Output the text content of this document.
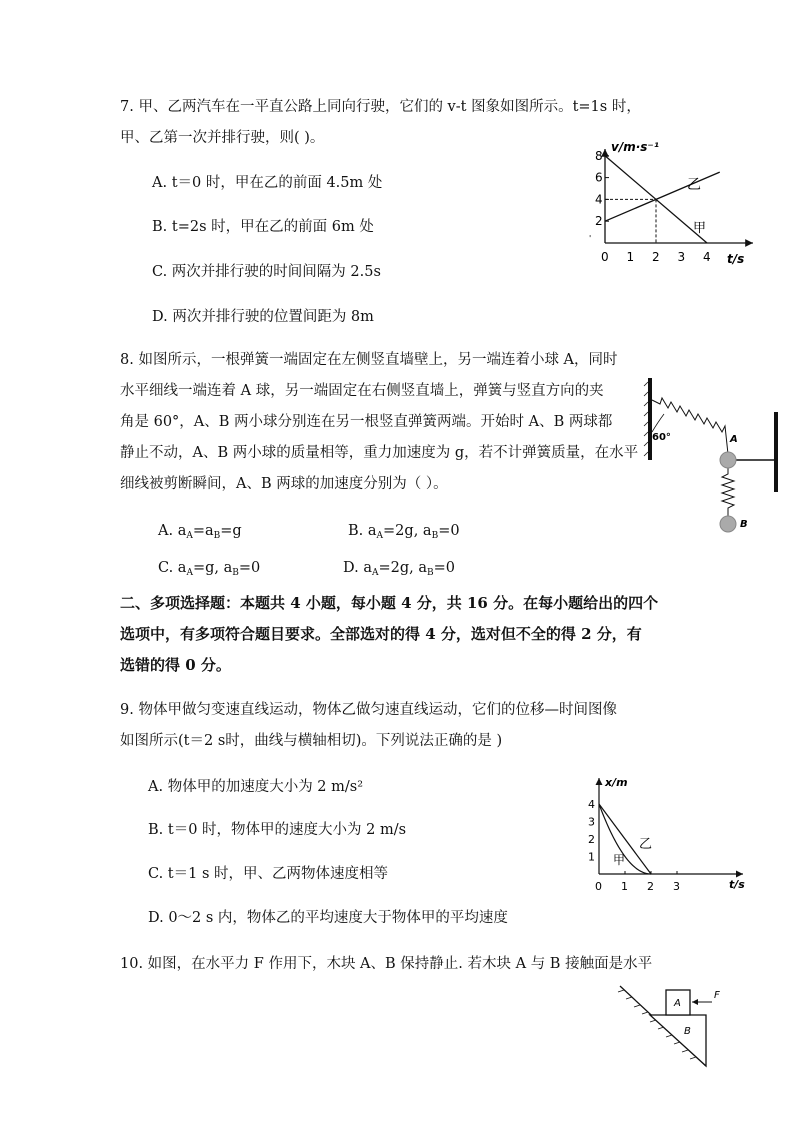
7. 甲、乙两汽车在一平直公路上同向行驶，它们的 v-t 图象如图所示。t=1s 时，
甲、乙第一次并排行驶，则( )。
A. t＝0 时，甲在乙的前面 4.5m 处
B. t=2s 时，甲在乙的前面 6m 处
C. 两次并排行驶的时间间隔为 2.5s
D. 两次并排行驶的位置间距为 8m
v/m·s⁻¹
t/s
2
4
6
8
0 1 2 3 4
乙
甲
'
8. 如图所示，一根弹簧一端固定在左侧竖直墙壁上，另一端连着小球 A，同时
水平细线一端连着 A 球，另一端固定在右侧竖直墙上，弹簧与竖直方向的夹
角是 60°，A、B 两小球分别连在另一根竖直弹簧两端。开始时 A、B 两球都
静止不动，A、B 两小球的质量相等，重力加速度为 g，若不计弹簧质量，在水平
细线被剪断瞬间，A、B 两球的加速度分别为（ ）。
A. $a_A=a_B=g$	B. $a_A=2g$, $a_B=0$
C. $a_A=g$, $a_B=0$	D. $a_A=2g$, $a_B=0$
60°	A
B
二、多项选择题：本题共 4 小题，每小题 4 分，共 16 分。在每小题给出的四个
选项中，有多项符合题目要求。全部选对的得 4 分，选对但不全的得 2 分，有
选错的得 0 分。
9. 物体甲做匀变速直线运动，物体乙做匀速直线运动，它们的位移—时间图像
如图所示(t＝2 s时，曲线与横轴相切)。下列说法正确的是 )
A. 物体甲的加速度大小为 2 m/s²
B. t＝0 时，物体甲的速度大小为 2 m/s
C. t＝1 s 时，甲、乙两物体速度相等
D. 0～2 s 内，物体乙的平均速度大于物体甲的平均速度
x/m
t/s
1
2
3
4
0 1 2 3
乙
甲
10. 如图，在水平力 F 作用下，木块 A、B 保持静止. 若木块 A 与 B 接触面是水平
A
B
F
